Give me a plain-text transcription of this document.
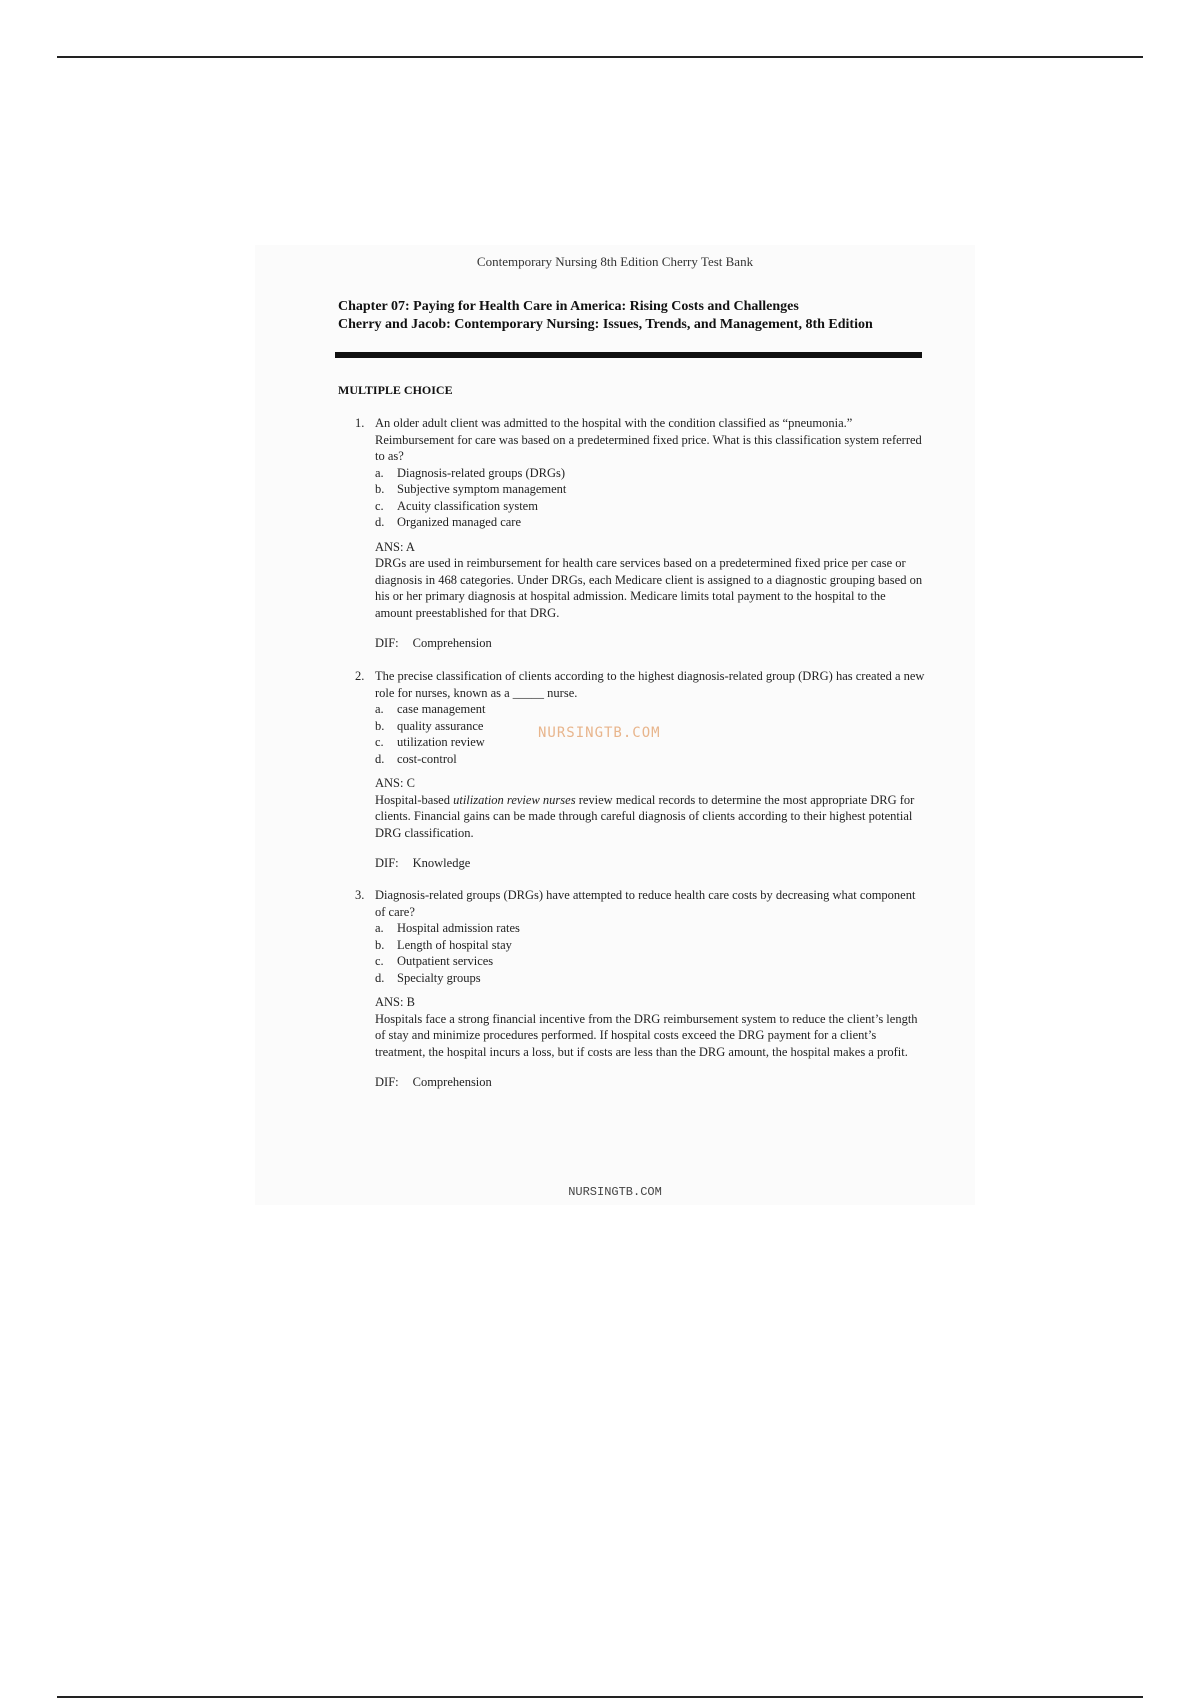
Contemporary Nursing 8th Edition Cherry Test Bank
Chapter 07: Paying for Health Care in America: Rising Costs and Challenges
Cherry and Jacob: Contemporary Nursing: Issues, Trends, and Management, 8th Edition
MULTIPLE CHOICE
1. An older adult client was admitted to the hospital with the condition classified as “pneumonia.” Reimbursement for care was based on a predetermined fixed price. What is this classification system referred to as?
a. Diagnosis-related groups (DRGs)
b. Subjective symptom management
c. Acuity classification system
d. Organized managed care
ANS: A
DRGs are used in reimbursement for health care services based on a predetermined fixed price per case or diagnosis in 468 categories. Under DRGs, each Medicare client is assigned to a diagnostic grouping based on his or her primary diagnosis at hospital admission. Medicare limits total payment to the hospital to the amount preestablished for that DRG.
DIF: Comprehension
2. The precise classification of clients according to the highest diagnosis-related group (DRG) has created a new role for nurses, known as a _____ nurse.
a. case management
b. quality assurance
c. utilization review
d. cost-control
ANS: C
Hospital-based utilization review nurses review medical records to determine the most appropriate DRG for clients. Financial gains can be made through careful diagnosis of clients according to their highest potential DRG classification.
DIF: Knowledge
NURSINGTB.COM
3. Diagnosis-related groups (DRGs) have attempted to reduce health care costs by decreasing what component of care?
a. Hospital admission rates
b. Length of hospital stay
c. Outpatient services
d. Specialty groups
ANS: B
Hospitals face a strong financial incentive from the DRG reimbursement system to reduce the client’s length of stay and minimize procedures performed. If hospital costs exceed the DRG payment for a client’s treatment, the hospital incurs a loss, but if costs are less than the DRG amount, the hospital makes a profit.
DIF: Comprehension
NURSINGTB.COM
